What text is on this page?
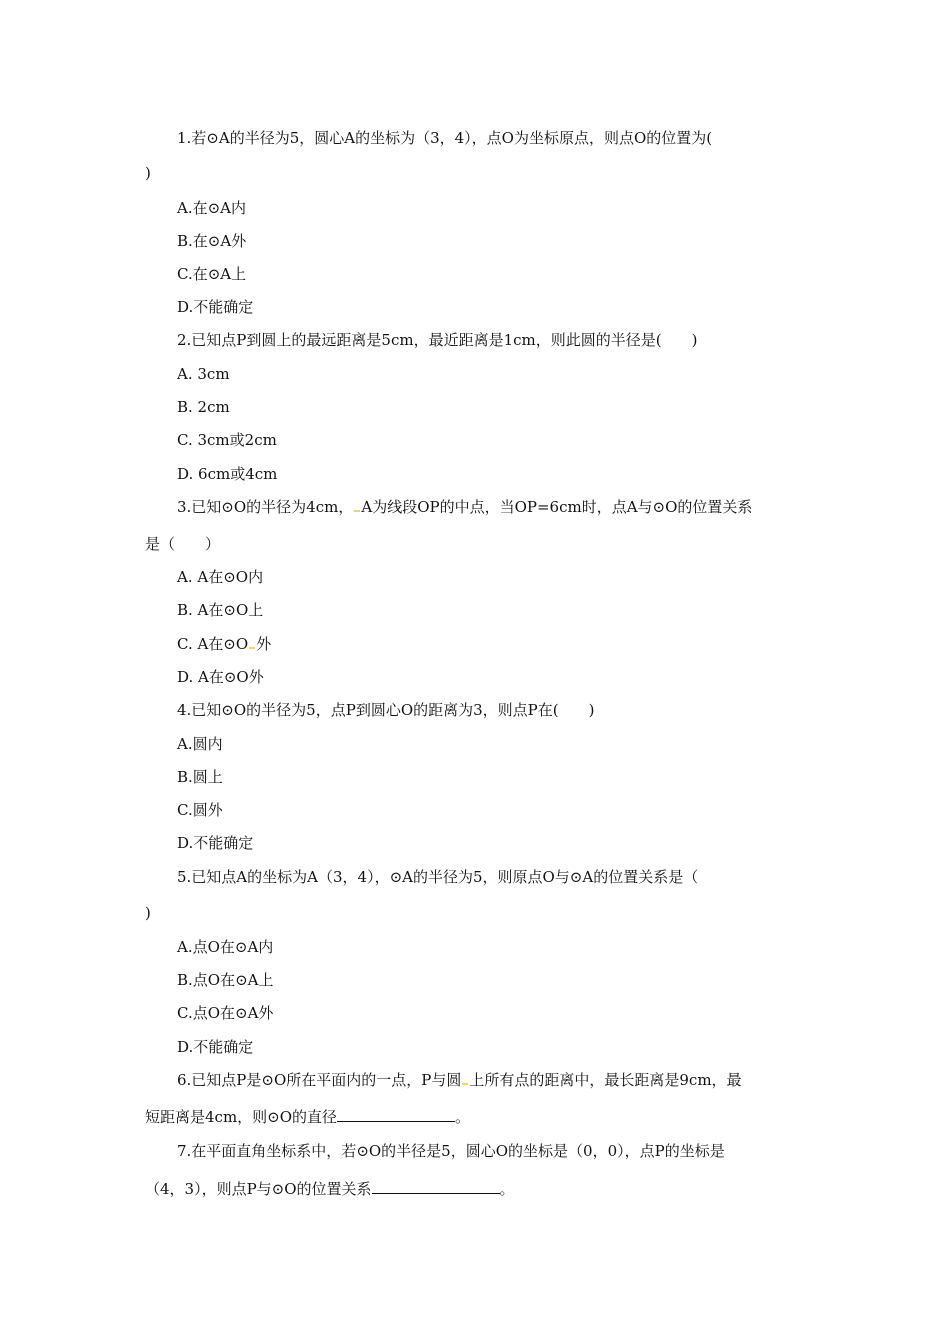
1.若⊙A的半径为5，圆心A的坐标为（3，4），点O为坐标原点，则点O的位置为(
)
A.在⊙A内
B.在⊙A外
C.在⊙A上
D.不能确定
2.已知点P到圆上的最远距离是5cm，最近距离是1cm，则此圆的半径是(　　)
A. 3cm
B. 2cm
C. 3cm或2cm
D. 6cm或4cm
3.已知⊙O的半径为4cm， A为线段OP的中点，当OP=6cm时，点A与⊙O的位置关系
是（　　）
A. A在⊙O内
B. A在⊙O上
C. A在⊙O 外
D. A在⊙O外
4.已知⊙O的半径为5，点P到圆心O的距离为3，则点P在(　　)
A.圆内
B.圆上
C.圆外
D.不能确定
5.已知点A的坐标为A（3，4），⊙A的半径为5，则原点O与⊙A的位置关系是（
)
A.点O在⊙A内
B.点O在⊙A上
C.点O在⊙A外
D.不能确定
6.已知点P是⊙O所在平面内的一点，P与圆 上所有点的距离中，最长距离是9cm，最
短距离是4cm，则⊙O的直径	。
7.在平面直角坐标系中，若⊙O的半径是5，圆心O的坐标是（0，0），点P的坐标是
（4，3），则点P与⊙O的位置关系	。
